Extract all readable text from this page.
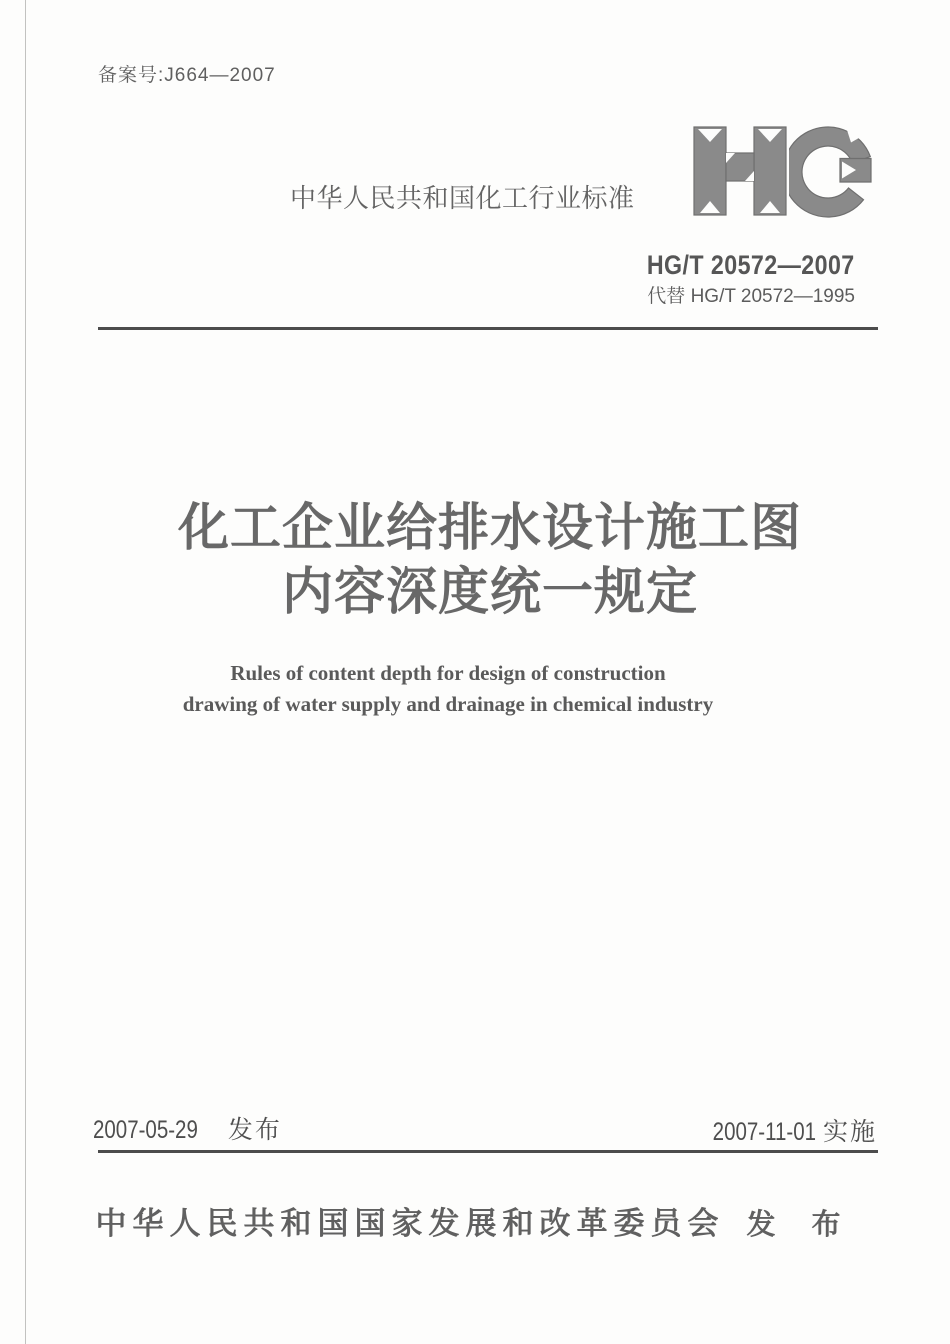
备案号:J664—2007
中华人民共和国化工行业标准
HG/T 20572—2007
代替 HG/T 20572—1995
化工企业给排水设计施工图
内容深度统一规定
Rules of content depth for design of construction
drawing of water supply and drainage in chemical industry
2007-05-29 发布	2007-11-01 实施
中华人民共和国国家发展和改革委员会 发 布
